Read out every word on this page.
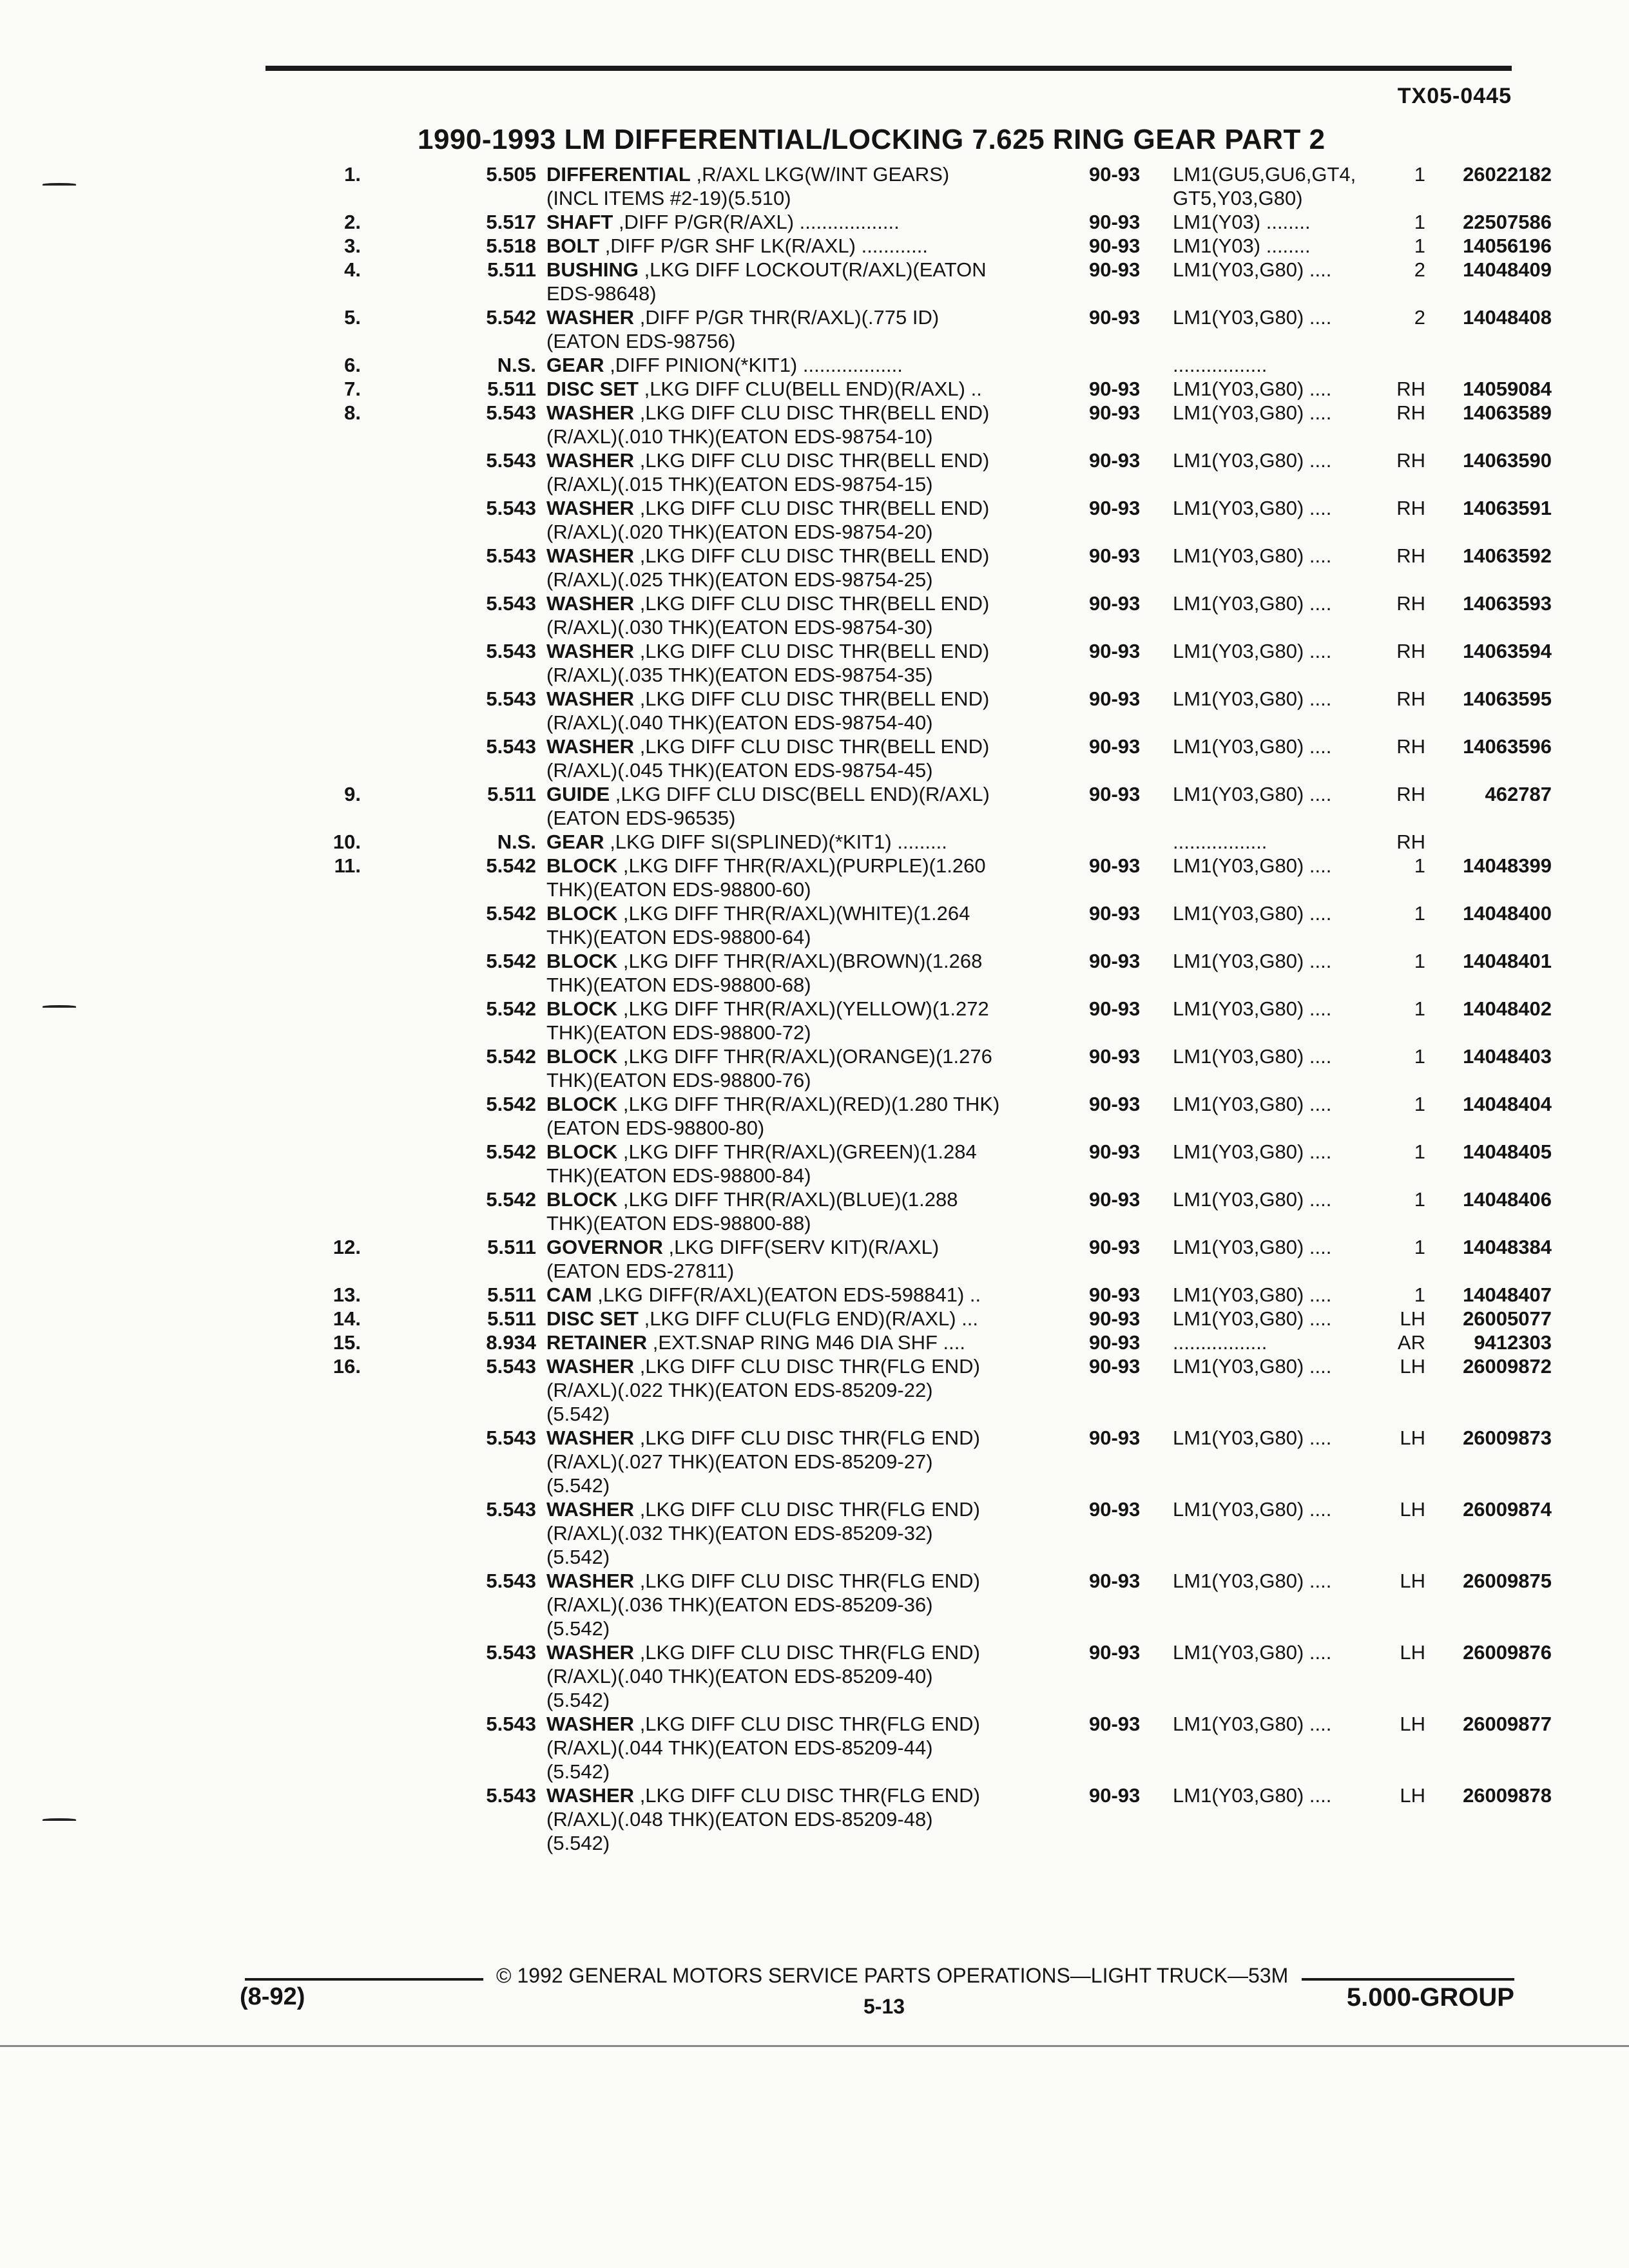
TX05-0445
1990-1993 LM DIFFERENTIAL/LOCKING 7.625 RING GEAR PART 2
1.	5.505	DIFFERENTIAL ,R/AXL LKG(W/INT GEARS)	90-93	LM1(GU5,GU6,GT4,	1	26022182
		(INCL ITEMS #2-19)(5.510)		GT5,Y03,G80)		
2.	5.517	SHAFT ,DIFF P/GR(R/AXL) ..................	90-93	LM1(Y03) ........	1	22507586
3.	5.518	BOLT ,DIFF P/GR SHF LK(R/AXL) ............	90-93	LM1(Y03) ........	1	14056196
4.	5.511	BUSHING ,LKG DIFF LOCKOUT(R/AXL)(EATON	90-93	LM1(Y03,G80) ....	2	14048409
		EDS-98648)				
5.	5.542	WASHER ,DIFF P/GR THR(R/AXL)(.775 ID)	90-93	LM1(Y03,G80) ....	2	14048408
		(EATON EDS-98756)				
6.	N.S.	GEAR ,DIFF PINION(*KIT1) ..................		.................		
7.	5.511	DISC SET ,LKG DIFF CLU(BELL END)(R/AXL) ..	90-93	LM1(Y03,G80) ....	RH	14059084
8.	5.543	WASHER ,LKG DIFF CLU DISC THR(BELL END)	90-93	LM1(Y03,G80) ....	RH	14063589
		(R/AXL)(.010 THK)(EATON EDS-98754-10)				
	5.543	WASHER ,LKG DIFF CLU DISC THR(BELL END)	90-93	LM1(Y03,G80) ....	RH	14063590
		(R/AXL)(.015 THK)(EATON EDS-98754-15)				
	5.543	WASHER ,LKG DIFF CLU DISC THR(BELL END)	90-93	LM1(Y03,G80) ....	RH	14063591
		(R/AXL)(.020 THK)(EATON EDS-98754-20)				
	5.543	WASHER ,LKG DIFF CLU DISC THR(BELL END)	90-93	LM1(Y03,G80) ....	RH	14063592
		(R/AXL)(.025 THK)(EATON EDS-98754-25)				
	5.543	WASHER ,LKG DIFF CLU DISC THR(BELL END)	90-93	LM1(Y03,G80) ....	RH	14063593
		(R/AXL)(.030 THK)(EATON EDS-98754-30)				
	5.543	WASHER ,LKG DIFF CLU DISC THR(BELL END)	90-93	LM1(Y03,G80) ....	RH	14063594
		(R/AXL)(.035 THK)(EATON EDS-98754-35)				
	5.543	WASHER ,LKG DIFF CLU DISC THR(BELL END)	90-93	LM1(Y03,G80) ....	RH	14063595
		(R/AXL)(.040 THK)(EATON EDS-98754-40)				
	5.543	WASHER ,LKG DIFF CLU DISC THR(BELL END)	90-93	LM1(Y03,G80) ....	RH	14063596
		(R/AXL)(.045 THK)(EATON EDS-98754-45)				
9.	5.511	GUIDE ,LKG DIFF CLU DISC(BELL END)(R/AXL)	90-93	LM1(Y03,G80) ....	RH	462787
		(EATON EDS-96535)				
10.	N.S.	GEAR ,LKG DIFF SI(SPLINED)(*KIT1) .........		.................	RH	
11.	5.542	BLOCK ,LKG DIFF THR(R/AXL)(PURPLE)(1.260	90-93	LM1(Y03,G80) ....	1	14048399
		THK)(EATON EDS-98800-60)				
	5.542	BLOCK ,LKG DIFF THR(R/AXL)(WHITE)(1.264	90-93	LM1(Y03,G80) ....	1	14048400
		THK)(EATON EDS-98800-64)				
	5.542	BLOCK ,LKG DIFF THR(R/AXL)(BROWN)(1.268	90-93	LM1(Y03,G80) ....	1	14048401
		THK)(EATON EDS-98800-68)				
	5.542	BLOCK ,LKG DIFF THR(R/AXL)(YELLOW)(1.272	90-93	LM1(Y03,G80) ....	1	14048402
		THK)(EATON EDS-98800-72)				
	5.542	BLOCK ,LKG DIFF THR(R/AXL)(ORANGE)(1.276	90-93	LM1(Y03,G80) ....	1	14048403
		THK)(EATON EDS-98800-76)				
	5.542	BLOCK ,LKG DIFF THR(R/AXL)(RED)(1.280 THK)	90-93	LM1(Y03,G80) ....	1	14048404
		(EATON EDS-98800-80)				
	5.542	BLOCK ,LKG DIFF THR(R/AXL)(GREEN)(1.284	90-93	LM1(Y03,G80) ....	1	14048405
		THK)(EATON EDS-98800-84)				
	5.542	BLOCK ,LKG DIFF THR(R/AXL)(BLUE)(1.288	90-93	LM1(Y03,G80) ....	1	14048406
		THK)(EATON EDS-98800-88)				
12.	5.511	GOVERNOR ,LKG DIFF(SERV KIT)(R/AXL)	90-93	LM1(Y03,G80) ....	1	14048384
		(EATON EDS-27811)				
13.	5.511	CAM ,LKG DIFF(R/AXL)(EATON EDS-598841) ..	90-93	LM1(Y03,G80) ....	1	14048407
14.	5.511	DISC SET ,LKG DIFF CLU(FLG END)(R/AXL) ...	90-93	LM1(Y03,G80) ....	LH	26005077
15.	8.934	RETAINER ,EXT.SNAP RING M46 DIA SHF ....	90-93	.................	AR	9412303
16.	5.543	WASHER ,LKG DIFF CLU DISC THR(FLG END)	90-93	LM1(Y03,G80) ....	LH	26009872
		(R/AXL)(.022 THK)(EATON EDS-85209-22)				
		(5.542)				
	5.543	WASHER ,LKG DIFF CLU DISC THR(FLG END)	90-93	LM1(Y03,G80) ....	LH	26009873
		(R/AXL)(.027 THK)(EATON EDS-85209-27)				
		(5.542)				
	5.543	WASHER ,LKG DIFF CLU DISC THR(FLG END)	90-93	LM1(Y03,G80) ....	LH	26009874
		(R/AXL)(.032 THK)(EATON EDS-85209-32)				
		(5.542)				
	5.543	WASHER ,LKG DIFF CLU DISC THR(FLG END)	90-93	LM1(Y03,G80) ....	LH	26009875
		(R/AXL)(.036 THK)(EATON EDS-85209-36)				
		(5.542)				
	5.543	WASHER ,LKG DIFF CLU DISC THR(FLG END)	90-93	LM1(Y03,G80) ....	LH	26009876
		(R/AXL)(.040 THK)(EATON EDS-85209-40)				
		(5.542)				
	5.543	WASHER ,LKG DIFF CLU DISC THR(FLG END)	90-93	LM1(Y03,G80) ....	LH	26009877
		(R/AXL)(.044 THK)(EATON EDS-85209-44)				
		(5.542)				
	5.543	WASHER ,LKG DIFF CLU DISC THR(FLG END)	90-93	LM1(Y03,G80) ....	LH	26009878
		(R/AXL)(.048 THK)(EATON EDS-85209-48)				
		(5.542)				
© 1992 GENERAL MOTORS SERVICE PARTS OPERATIONS—LIGHT TRUCK—53M
(8-92)	5-13	5.000-GROUP
